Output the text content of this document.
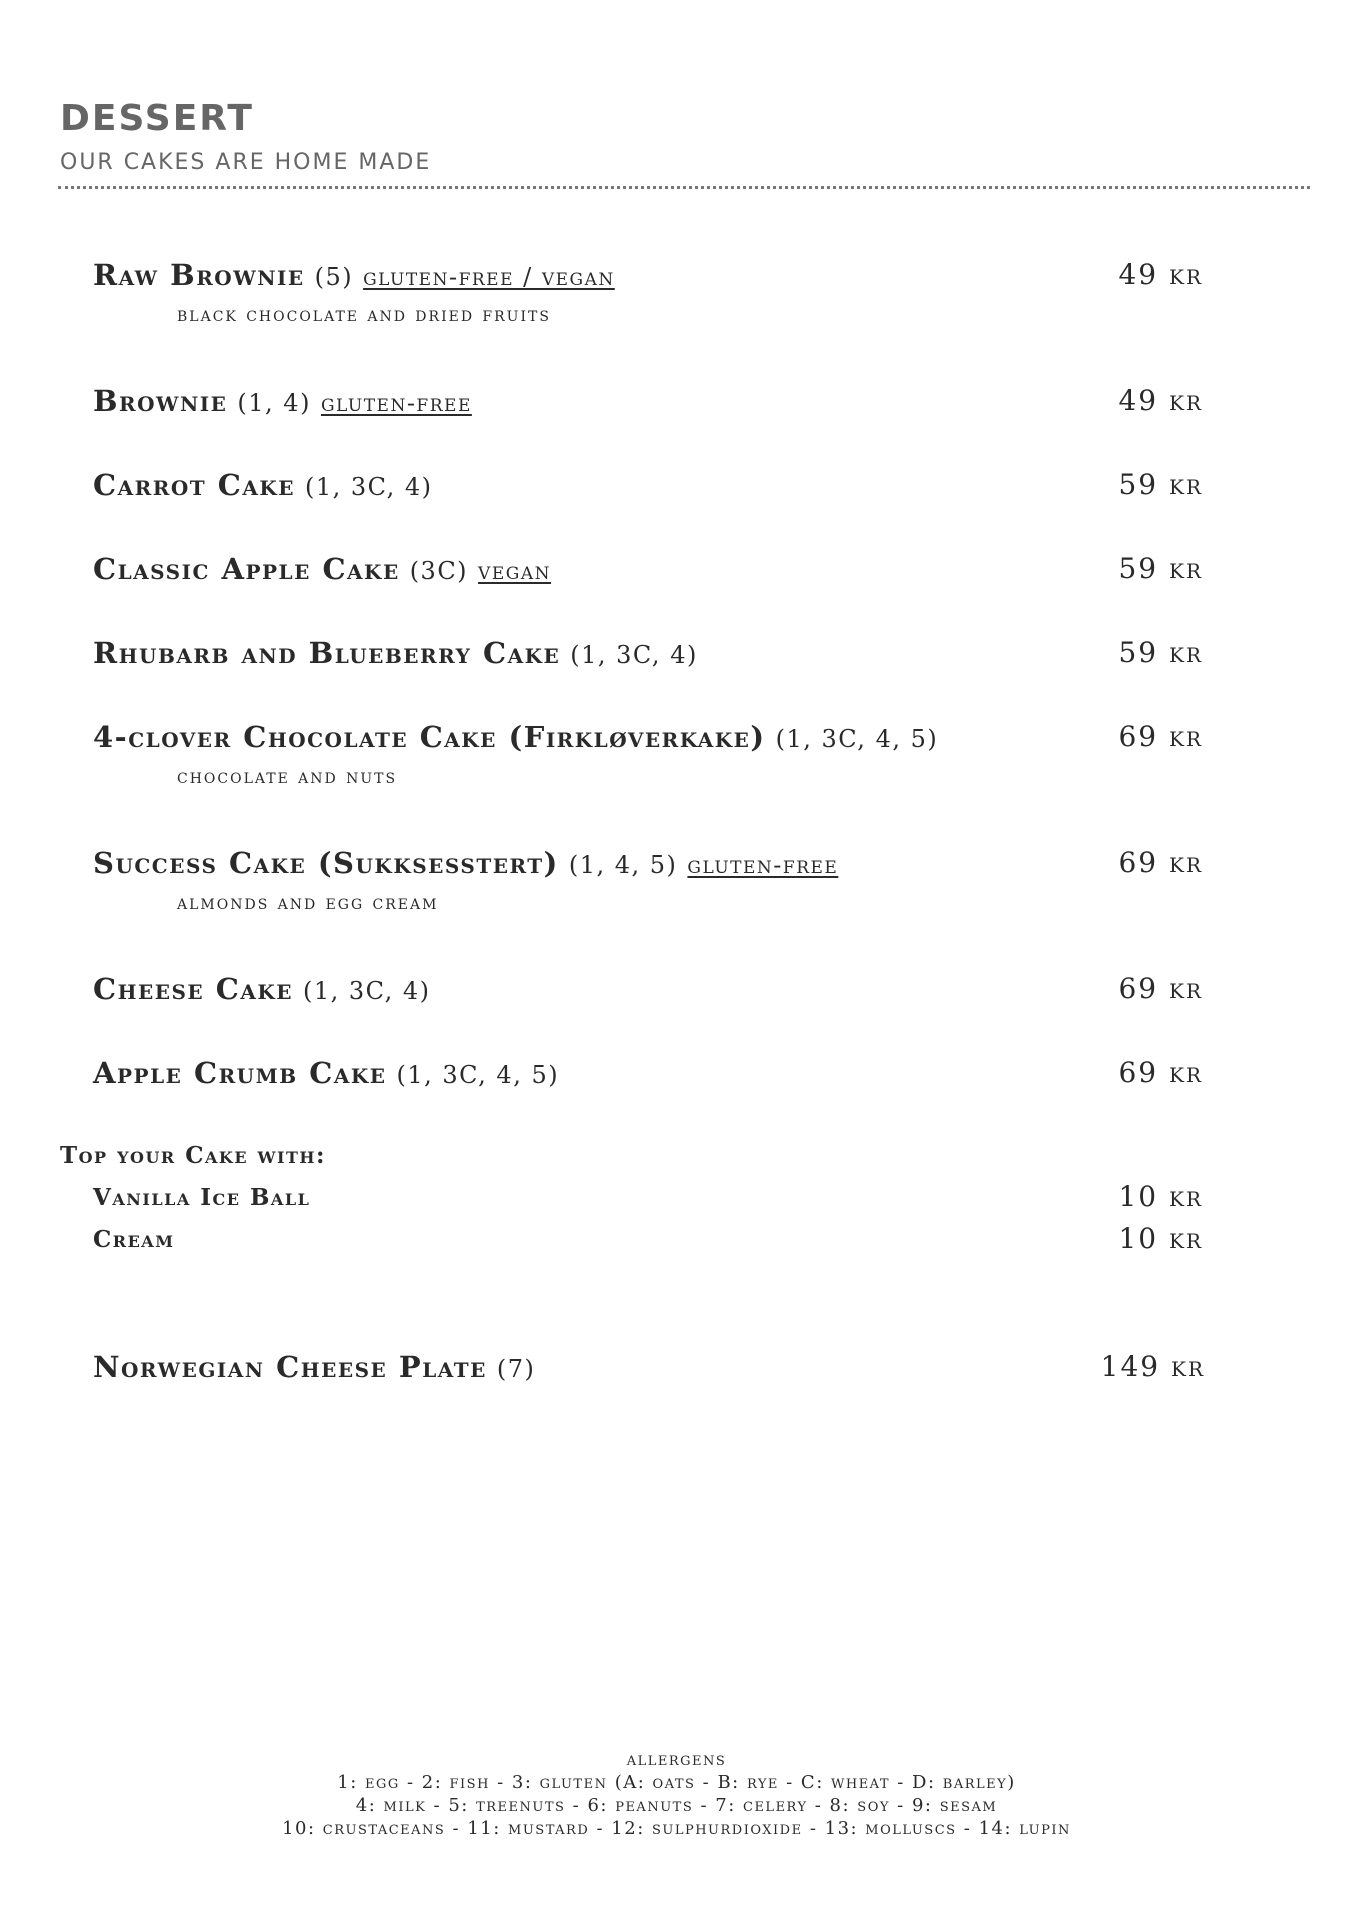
DESSERT
OUR CAKES ARE HOME MADE
Raw Brownie (5) gluten-free / vegan	49 kr
black chocolate and dried fruits
Brownie (1, 4) gluten-free	49 kr
Carrot Cake (1, 3C, 4)	59 kr
Classic Apple Cake (3C) vegan	59 kr
Rhubarb and Blueberry Cake (1, 3C, 4)	59 kr
4-clover Chocolate Cake (Firkløverkake) (1, 3C, 4, 5)	69 kr
chocolate and nuts
Success Cake (Sukksesstert) (1, 4, 5) gluten-free	69 kr
almonds and egg cream
Cheese Cake (1, 3C, 4)	69 kr
Apple Crumb Cake (1, 3C, 4, 5)	69 kr
Top your Cake with:
Vanilla Ice Ball	10 kr
Cream	10 kr
Norwegian Cheese Plate (7)	149 kr
allergens
1: egg - 2: fish - 3: gluten (A: oats - B: rye - C: wheat - D: barley)
4: milk - 5: treenuts - 6: peanuts - 7: celery - 8: soy - 9: sesam
10: crustaceans - 11: mustard - 12: sulphurdioxide - 13: molluscs - 14: lupin
